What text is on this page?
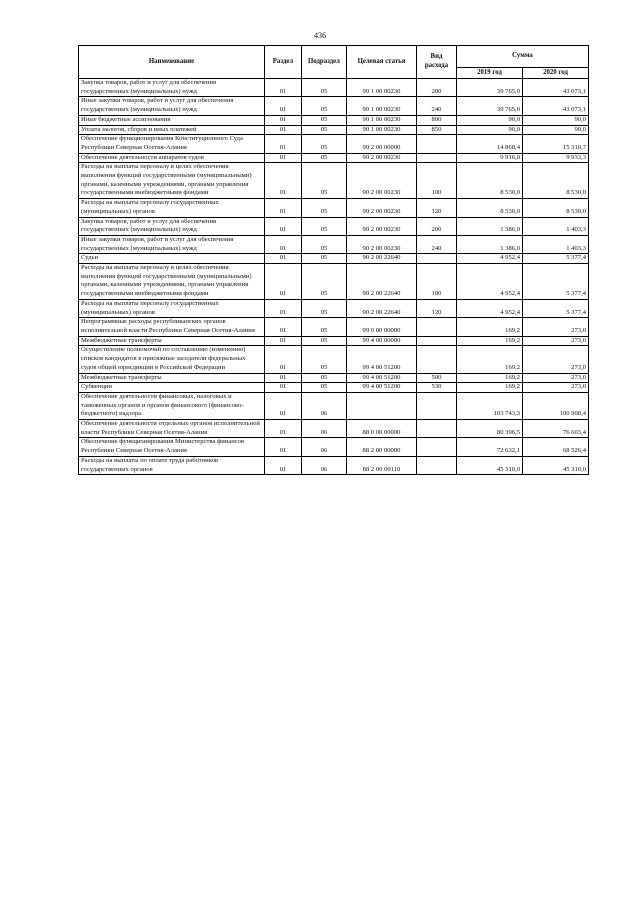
436
Наименование	Раздел	Подраздел	Целевая статья	Вид расхода	Сумма	
					2019 год	2020 год
Закупка товаров, работ и услуг для обеспечения государственных (муниципальных) нужд	01	05	90 1 00 00230	200	39 765,0	43 073,1
Иные закупки товаров, работ и услуг для обеспечения государственных (муниципальных) нужд	01	05	90 1 00 00230	240	39 765,0	43 073,1
Иные бюджетные ассигнования	01	05	90 1 00 00230	800	90,0	90,0
Уплата налогов, сборов и иных платежей	01	05	90 1 00 00230	850	90,0	90,0
Обеспечение функционирования Конституционного Суда Республики Северная Осетия-Алания	01	05	90 2 00 00000		14 868,4	15 310,7
Обеспечение деятельности аппаратов судов	01	05	90 2 00 00230		9 916,0	9 933,3
Расходы на выплаты персоналу в целях обеспечения выполнения функций государственными (муниципальными) органами, казенными учреждениями, органами управления государственными внебюджетными фондами	01	05	90 2 00 00230	100	8 530,0	8 530,0
Расходы на выплаты персоналу государственных (муниципальных) органов	01	05	90 2 00 00230	120	8 530,0	8 530,0
Закупка товаров, работ и услуг для обеспечения государственных (муниципальных) нужд	01	05	90 2 00 00230	200	1 386,0	1 403,3
Иные закупки товаров, работ и услуг для обеспечения государственных (муниципальных) нужд	01	05	90 2 00 00230	240	1 386,0	1 403,3
Судьи	01	05	90 2 00 22640		4 952,4	5 377,4
Расходы на выплаты персоналу в целях обеспечения выполнения функций государственными (муниципальными) органами, казенными учреждениями, органами управления государственными внебюджетными фондами	01	05	90 2 00 22640	100	4 952,4	5 377,4
Расходы на выплаты персоналу государственных (муниципальных) органов	01	05	90 2 00 22640	120	4 952,4	5 377,4
Непрограммные расходы республиканских органов исполнительной власти Республики Северная Осетия-Алания	01	05	99 0 00 00000		169,2	273,0
Межбюджетные трансферты	01	05	99 4 00 00000		169,2	273,0
Осуществление полномочий по составлению (изменению) списков кандидатов в присяжные заседатели федеральных судов общей юрисдикции в Российской Федерации	01	05	99 4 00 51200		169,2	273,0
Межбюджетные трансферты	01	05	99 4 00 51200	500	169,2	273,0
Субвенции	01	05	99 4 00 51200	530	169,2	273,0
Обеспечение деятельности финансовых, налоговых и таможенных органов и органов финансового (финансово-бюджетного) надзора	01	06			103 743,3	100 908,4
Обеспечение деятельности отдельных органов исполнительной власти Республики Северная Осетия-Алания	01	06	88 0 00 00000		80 396,5	76 603,4
Обеспечение функционирования Министерства финансов Республики Северная Осетия-Алания	01	06	88 2 00 00000		72 632,1	68 526,4
Расходы на выплаты по оплате труда работников государственных органов	01	06	88 2 00 00110		45 310,0	45 310,0
